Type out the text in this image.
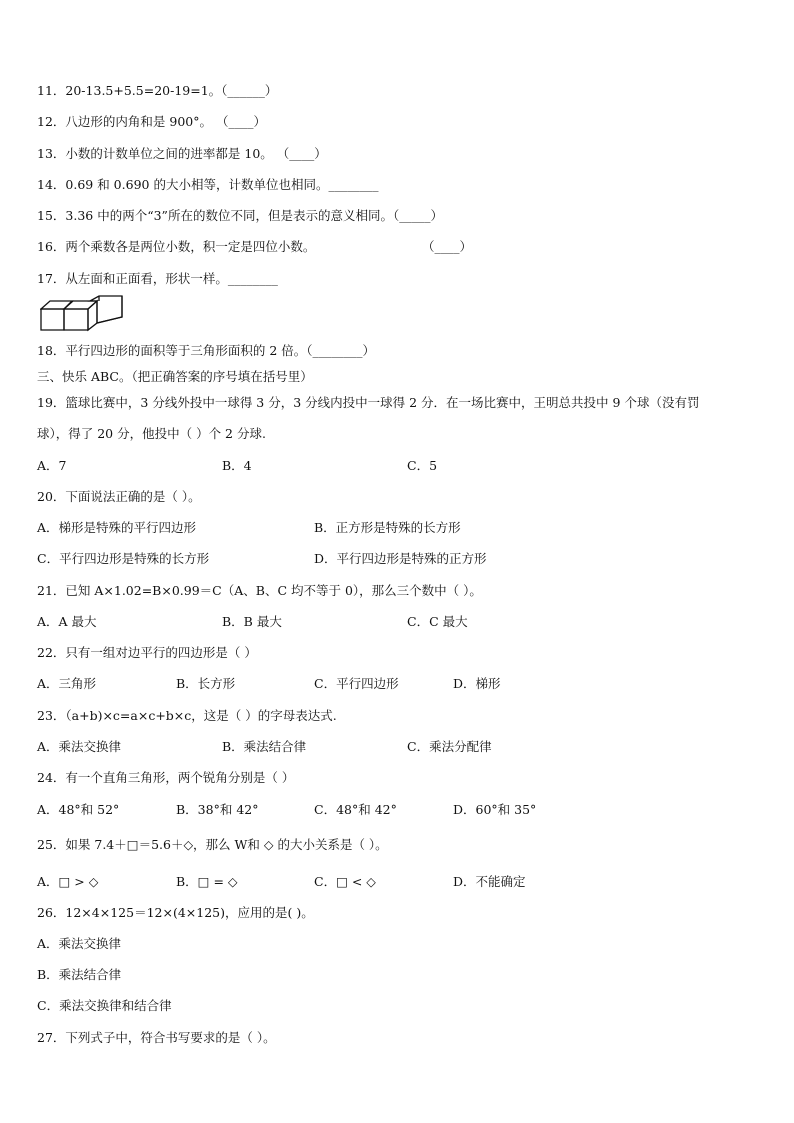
11．20-13.5+5.5=20-19=1。（______）
12．八边形的内角和是 900°。 （____）
13．小数的计数单位之间的进率都是 10。 （____）
14．0.69 和 0.690 的大小相等，计数单位也相同。________
15．3.36 中的两个“3”所在的数位不同，但是表示的意义相同。（_____）
16．两个乘数各是两位小数，积一定是四位小数。	（____）
17．从左面和正面看，形状一样。________
18．平行四边形的面积等于三角形面积的 2 倍。（________）
三、快乐 ABC。（把正确答案的序号填在括号里）
19．篮球比赛中，3 分线外投中一球得 3 分，3 分线内投中一球得 2 分．在一场比赛中，王明总共投中 9 个球（没有罚
球），得了 20 分，他投中（ ）个 2 分球.
A．7	B．4	C．5
20．下面说法正确的是（ ）。
A．梯形是特殊的平行四边形	B．正方形是特殊的长方形
C．平行四边形是特殊的长方形	D．平行四边形是特殊的正方形
21．已知 A×1.02=B×0.99＝C（A、B、C 均不等于 0），那么三个数中（ ）。
A．A 最大	B．B 最大	C．C 最大
22．只有一组对边平行的四边形是（ ）
A．三角形	B．长方形	C．平行四边形	D．梯形
23．（a+b)×c=a×c+b×c，这是（ ）的字母表达式.
A．乘法交换律	B．乘法结合律	C．乘法分配律
24．有一个直角三角形，两个锐角分别是（ ）
A．48°和 52°	B．38°和 42°	C．48°和 42°	D．60°和 35°
25．如果 7.4＋□＝5.6＋◇，那么 W和 ◇ 的大小关系是（ ）。
A．□ > ◇	B．□ = ◇	C．□ < ◇	D．不能确定
26．12×4×125＝12×(4×125)，应用的是( )。
A．乘法交换律
B．乘法结合律
C．乘法交换律和结合律
27．下列式子中，符合书写要求的是（ ）。
